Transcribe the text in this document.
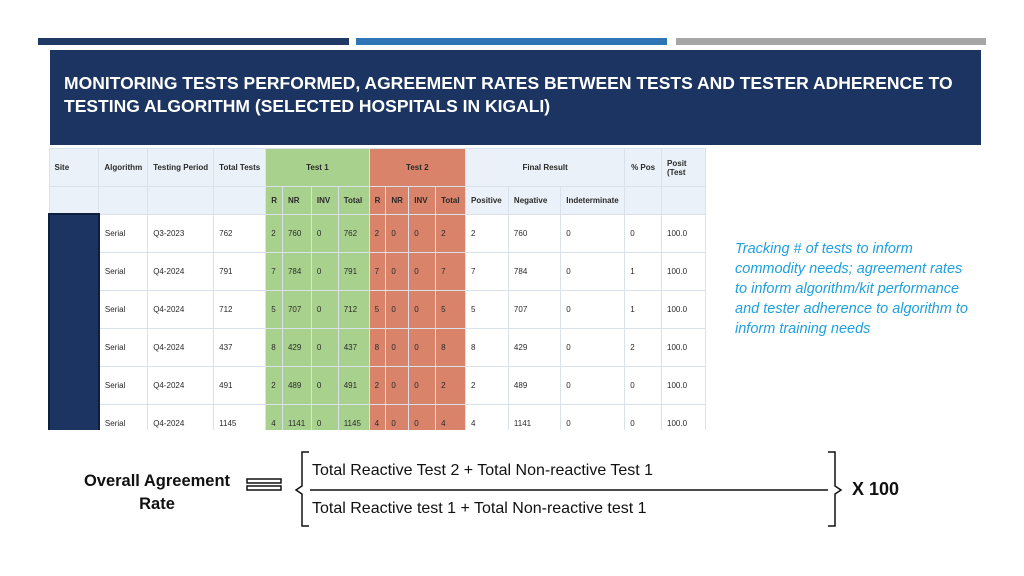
MONITORING TESTS PERFORMED, AGREEMENT RATES BETWEEN TESTS AND TESTER ADHERENCE TO TESTING ALGORITHM (SELECTED HOSPITALS IN KIGALI)
Site	Algorithm	Testing Period	Total Tests	Test 1				Test 2				Final Result			% Pos	Posit
(Test
				R	NR	INV	Total	R	NR	INV	Total	Positive	Negative	Indeterminate		
	Serial	Q3-2023	762	2	760	0	762	2	0	0	2	2	760	0	0	100.0
	Serial	Q4-2024	791	7	784	0	791	7	0	0	7	7	784	0	1	100.0
	Serial	Q4-2024	712	5	707	0	712	5	0	0	5	5	707	0	1	100.0
	Serial	Q4-2024	437	8	429	0	437	8	0	0	8	8	429	0	2	100.0
	Serial	Q4-2024	491	2	489	0	491	2	0	0	2	2	489	0	0	100.0
	Serial	Q4-2024	1145	4	1141	0	1145	4	0	0	4	4	1141	0	0	100.0
Tracking # of tests to inform commodity needs; agreement rates to inform algorithm/kit performance and tester adherence to algorithm to inform training needs
Overall Agreement Rate
Total Reactive Test 2 + Total Non-reactive Test 1
Total Reactive test 1 + Total Non-reactive test 1
X 100
